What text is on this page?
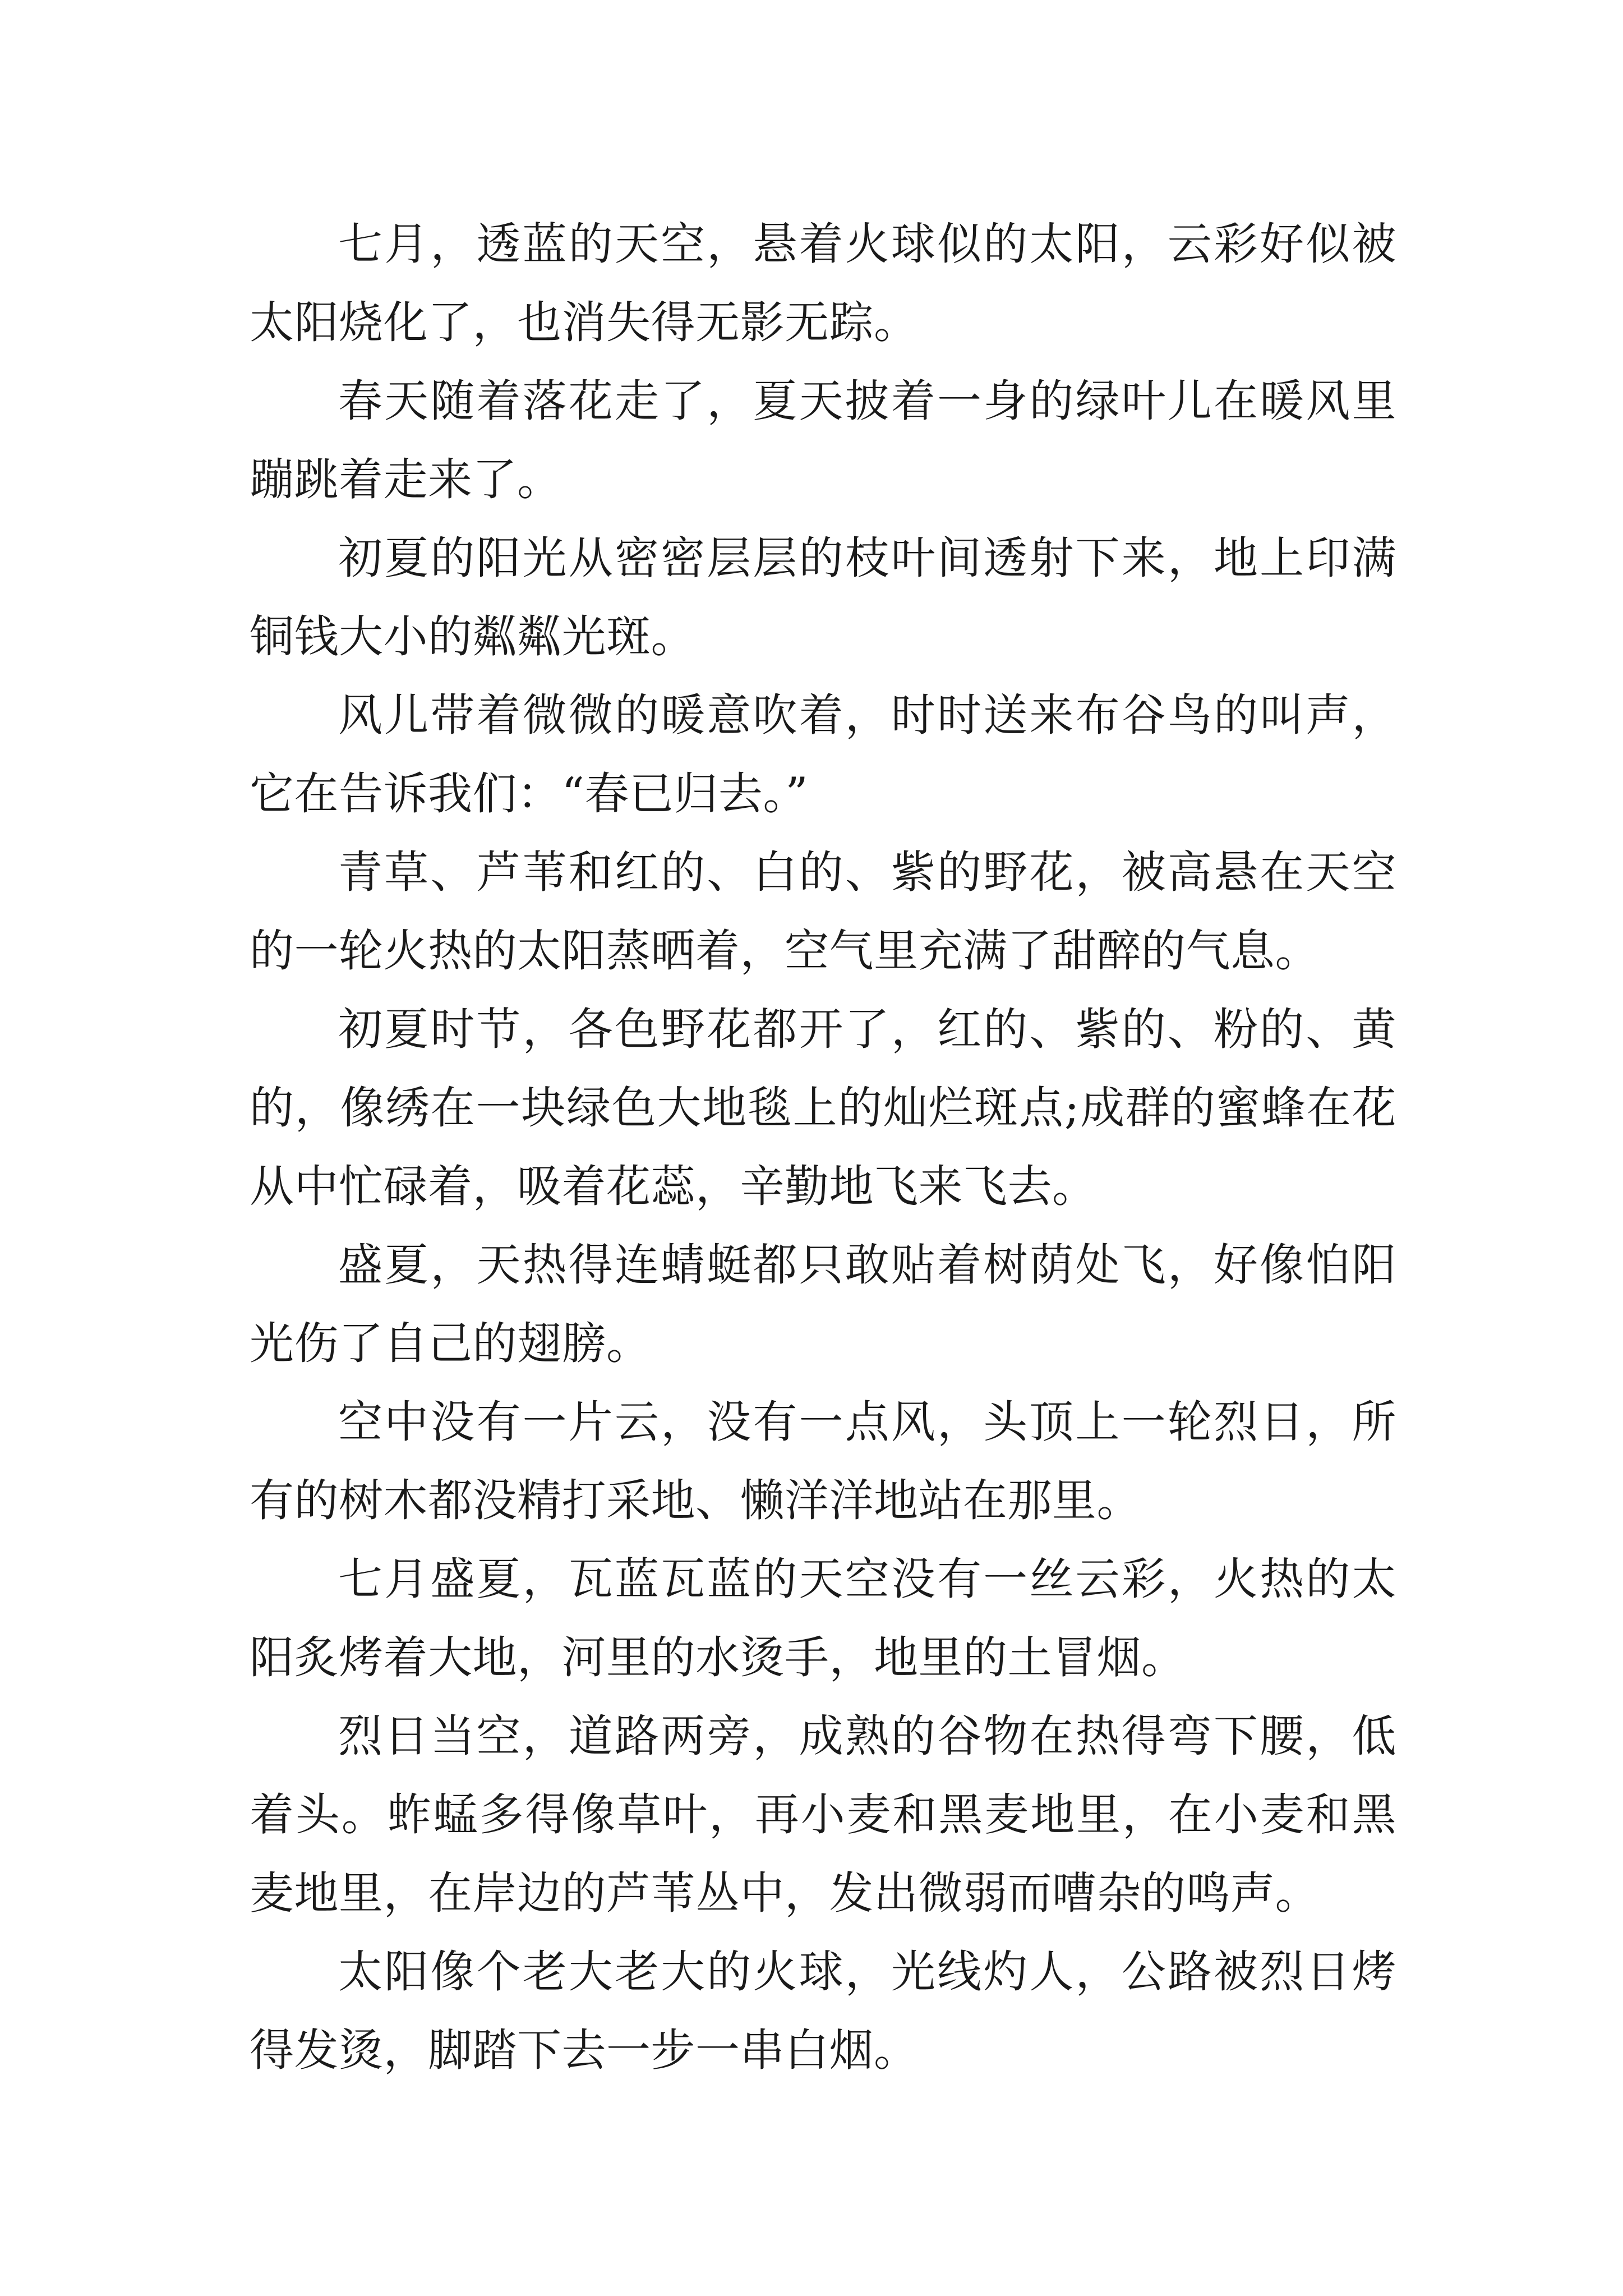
七月，透蓝的天空，悬着火球似的太阳，云彩好似被太阳烧化了，也消失得无影无踪。

春天随着落花走了，夏天披着一身的绿叶儿在暖风里蹦跳着走来了。

初夏的阳光从密密层层的枝叶间透射下来，地上印满铜钱大小的粼粼光斑。

风儿带着微微的暖意吹着，时时送来布谷鸟的叫声，它在告诉我们：“春已归去。”

青草、芦苇和红的、白的、紫的野花，被高悬在天空的一轮火热的太阳蒸晒着，空气里充满了甜醉的气息。

初夏时节，各色野花都开了，红的、紫的、粉的、黄的，像绣在一块绿色大地毯上的灿烂斑点;成群的蜜蜂在花从中忙碌着，吸着花蕊，辛勤地飞来飞去。

盛夏，天热得连蜻蜓都只敢贴着树荫处飞，好像怕阳光伤了自己的翅膀。

空中没有一片云，没有一点风，头顶上一轮烈日，所有的树木都没精打采地、懒洋洋地站在那里。

七月盛夏，瓦蓝瓦蓝的天空没有一丝云彩，火热的太阳炙烤着大地，河里的水烫手，地里的土冒烟。

烈日当空，道路两旁，成熟的谷物在热得弯下腰，低着头。蚱蜢多得像草叶，再小麦和黑麦地里，在小麦和黑麦地里，在岸边的芦苇丛中，发出微弱而嘈杂的鸣声。

太阳像个老大老大的火球，光线灼人，公路被烈日烤得发烫，脚踏下去一步一串白烟。
